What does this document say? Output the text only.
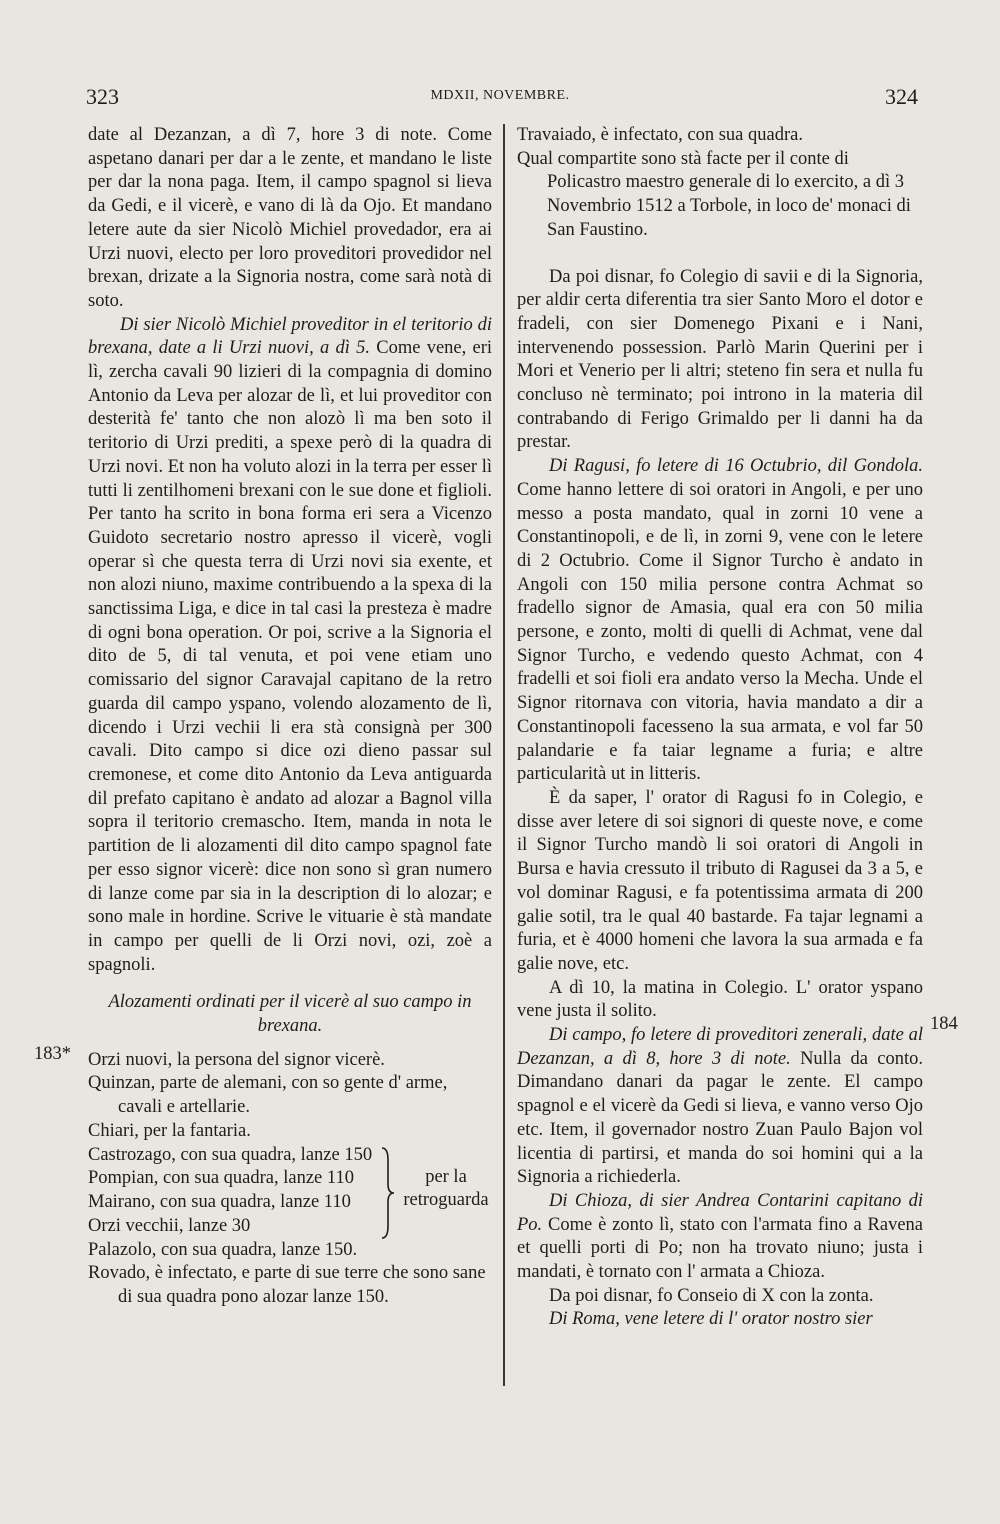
323	MDXII, NOVEMBRE.	324
183*
184

date al Dezanzan, a dì 7, hore 3 di note. Come aspetano danari per dar a le zente, et mandano le liste per dar la nona paga. Item, il campo spagnol si lieva da Gedi, e il vicerè, e vano di là da Ojo. Et mandano letere aute da sier Nicolò Michiel provedador, era ai Urzi nuovi, electo per loro proveditori provedidor nel brexan, drizate a la Signoria nostra, come sarà notà di soto.

Di sier Nicolò Michiel proveditor in el teritorio di brexana, date a li Urzi nuovi, a dì 5. Come vene, eri lì, zercha cavali 90 lizieri di la compagnia di domino Antonio da Leva per alozar de lì, et lui proveditor con desterità fe' tanto che non alozò lì ma ben soto il teritorio di Urzi prediti, a spexe però di la quadra di Urzi novi. Et non ha voluto alozi in la terra per esser lì tutti li zentilhomeni brexani con le sue done et figlioli. Per tanto ha scrito in bona forma eri sera a Vicenzo Guidoto secretario nostro apresso il vicerè, vogli operar sì che questa terra di Urzi novi sia exente, et non alozi niuno, maxime contribuendo a la spexa di la sanctissima Liga, e dice in tal casi la presteza è madre di ogni bona operation. Or poi, scrive a la Signoria el dito de 5, di tal venuta, et poi vene etiam uno comissario del signor Caravajal capitano de la retro guarda dil campo yspano, volendo alozamento de lì, dicendo i Urzi vechii li era stà consignà per 300 cavali. Dito campo si dice ozi dieno passar sul cremonese, et come dito Antonio da Leva antiguarda dil prefato capitano è andato ad alozar a Bagnol villa sopra il teritorio cremascho. Item, manda in nota le partition de li alozamenti dil dito campo spagnol fate per esso signor vicerè: dice non sono sì gran numero di lanze come par sia in la description di lo alozar; e sono male in hordine. Scrive le vituarie è stà mandate in campo per quelli de li Orzi novi, ozi, zoè a spagnoli.

Alozamenti ordinati per il vicerè al suo campo in brexana.

Orzi nuovi, la persona del signor vicerè.

Quinzan, parte de alemani, con so gente d' arme, cavali e artellarie.

Chiari, per la fantaria.

Castrozago, con sua quadra, lanze 150

Pompian, con sua quadra, lanze 110

Mairano, con sua quadra, lanze 110

Orzi vecchii, lanze 30

per la retroguarda

Palazolo, con sua quadra, lanze 150.

Rovado, è infectato, e parte di sue terre che sono sane di sua quadra pono alozar lanze 150.

Travaiado, è infectato, con sua quadra.

Qual compartite sono stà facte per il conte di Policastro maestro generale di lo exercito, a dì 3 Novembrio 1512 a Torbole, in loco de' monaci di San Faustino.

Da poi disnar, fo Colegio di savii e di la Signoria, per aldir certa diferentia tra sier Santo Moro el dotor e fradeli, con sier Domenego Pixani e i Nani, intervenendo possession. Parlò Marin Querini per i Mori et Venerio per li altri; steteno fin sera et nulla fu concluso nè terminato; poi introno in la materia dil contrabando di Ferigo Grimaldo per li danni ha da prestar.

Di Ragusi, fo letere di 16 Octubrio, dil Gondola. Come hanno lettere di soi oratori in Angoli, e per uno messo a posta mandato, qual in zorni 10 vene a Constantinopoli, e de lì, in zorni 9, vene con le letere di 2 Octubrio. Come il Signor Turcho è andato in Angoli con 150 milia persone contra Achmat so fradello signor de Amasia, qual era con 50 milia persone, e zonto, molti di quelli di Achmat, vene dal Signor Turcho, e vedendo questo Achmat, con 4 fradelli et soi fioli era andato verso la Mecha. Unde el Signor ritornava con vitoria, havia mandato a dir a Constantinopoli facesseno la sua armata, e vol far 50 palandarie e fa taiar legname a furia; e altre particularità ut in litteris.

È da saper, l' orator di Ragusi fo in Colegio, e disse aver letere di soi signori di queste nove, e come il Signor Turcho mandò li soi oratori di Angoli in Bursa e havia cressuto il tributo di Ragusei da 3 a 5, e vol dominar Ragusi, e fa potentissima armata di 200 galie sotil, tra le qual 40 bastarde. Fa tajar legnami a furia, et è 4000 homeni che lavora la sua armada e fa galie nove, etc.

A dì 10, la matina in Colegio. L' orator yspano vene justa il solito.

Di campo, fo letere di proveditori zenerali, date al Dezanzan, a dì 8, hore 3 di note. Nulla da conto. Dimandano danari da pagar le zente. El campo spagnol e el vicerè da Gedi si lieva, e vanno verso Ojo etc. Item, il governador nostro Zuan Paulo Bajon vol licentia di partirsi, et manda do soi homini qui a la Signoria a richiederla.

Di Chioza, di sier Andrea Contarini capitano di Po. Come è zonto lì, stato con l'armata fino a Ravena et quelli porti di Po; non ha trovato niuno; justa i mandati, è tornato con l' armata a Chioza.

Da poi disnar, fo Conseio di X con la zonta.

Di Roma, vene letere di l' orator nostro sier
